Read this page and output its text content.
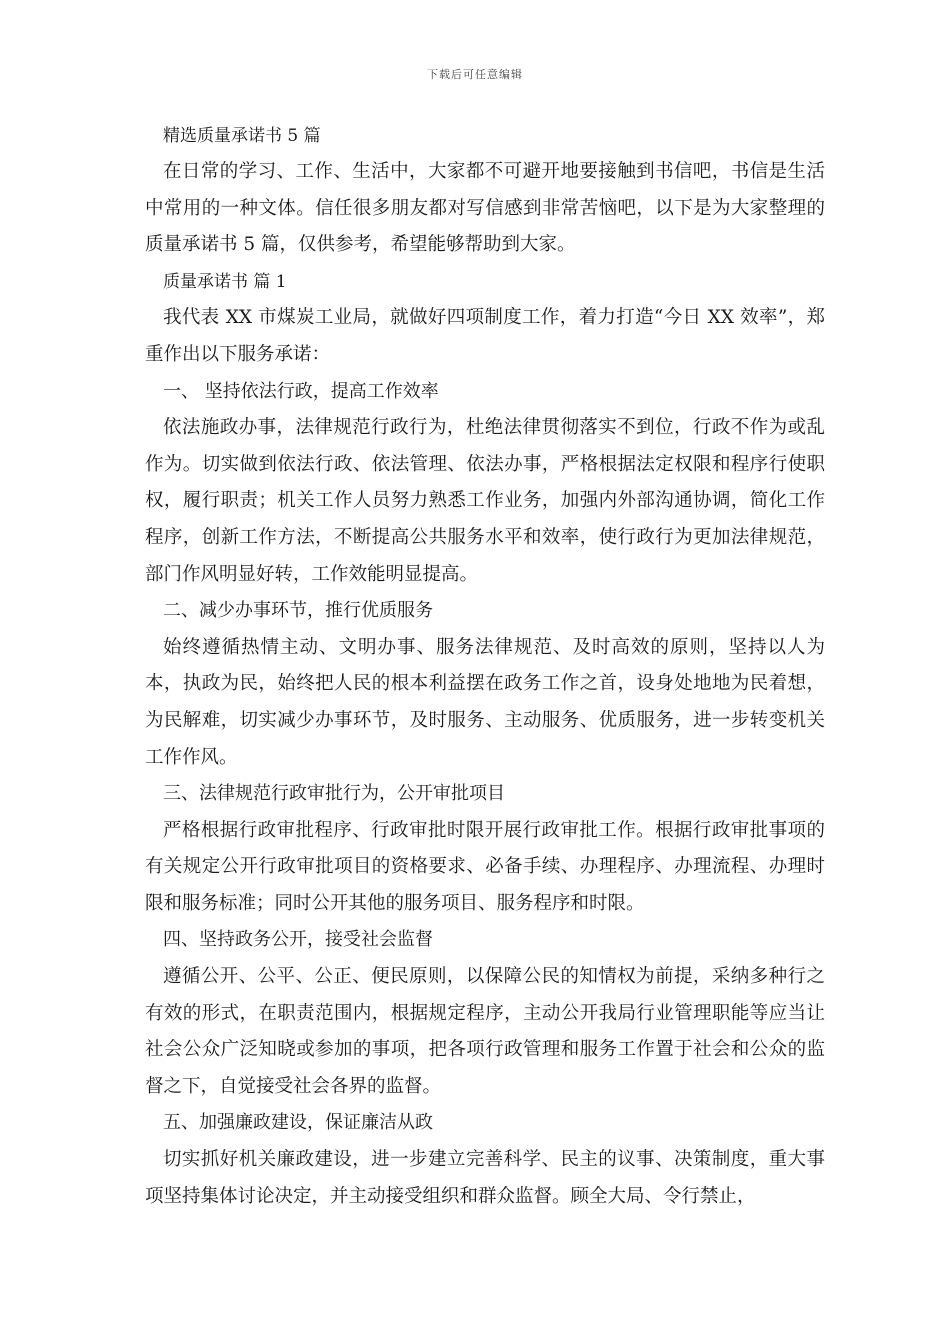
下载后可任意编辑
精选质量承诺书 5 篇

在日常的学习、工作、生活中，大家都不可避开地要接触到书信吧，书信是生活中常用的一种文体。信任很多朋友都对写信感到非常苦恼吧，以下是为大家整理的质量承诺书 5 篇，仅供参考，希望能够帮助到大家。

质量承诺书 篇 1

我代表 XX 市煤炭工业局，就做好四项制度工作，着力打造“今日 XX 效率”，郑重作出以下服务承诺：

一、 坚持依法行政，提高工作效率

依法施政办事，法律规范行政行为，杜绝法律贯彻落实不到位，行政不作为或乱作为。切实做到依法行政、依法管理、依法办事，严格根据法定权限和程序行使职权，履行职责；机关工作人员努力熟悉工作业务，加强内外部沟通协调，简化工作程序，创新工作方法，不断提高公共服务水平和效率，使行政行为更加法律规范，部门作风明显好转，工作效能明显提高。

二、减少办事环节，推行优质服务

始终遵循热情主动、文明办事、服务法律规范、及时高效的原则，坚持以人为本，执政为民，始终把人民的根本利益摆在政务工作之首，设身处地地为民着想，为民解难，切实减少办事环节，及时服务、主动服务、优质服务，进一步转变机关工作作风。

三、法律规范行政审批行为，公开审批项目

严格根据行政审批程序、行政审批时限开展行政审批工作。根据行政审批事项的有关规定公开行政审批项目的资格要求、必备手续、办理程序、办理流程、办理时限和服务标准；同时公开其他的服务项目、服务程序和时限。

四、坚持政务公开，接受社会监督

遵循公开、公平、公正、便民原则，以保障公民的知情权为前提，采纳多种行之有效的形式，在职责范围内，根据规定程序，主动公开我局行业管理职能等应当让社会公众广泛知晓或参加的事项，把各项行政管理和服务工作置于社会和公众的监督之下，自觉接受社会各界的监督。

五、加强廉政建设，保证廉洁从政

切实抓好机关廉政建设，进一步建立完善科学、民主的议事、决策制度，重大事项坚持集体讨论决定，并主动接受组织和群众监督。顾全大局、令行禁止，
